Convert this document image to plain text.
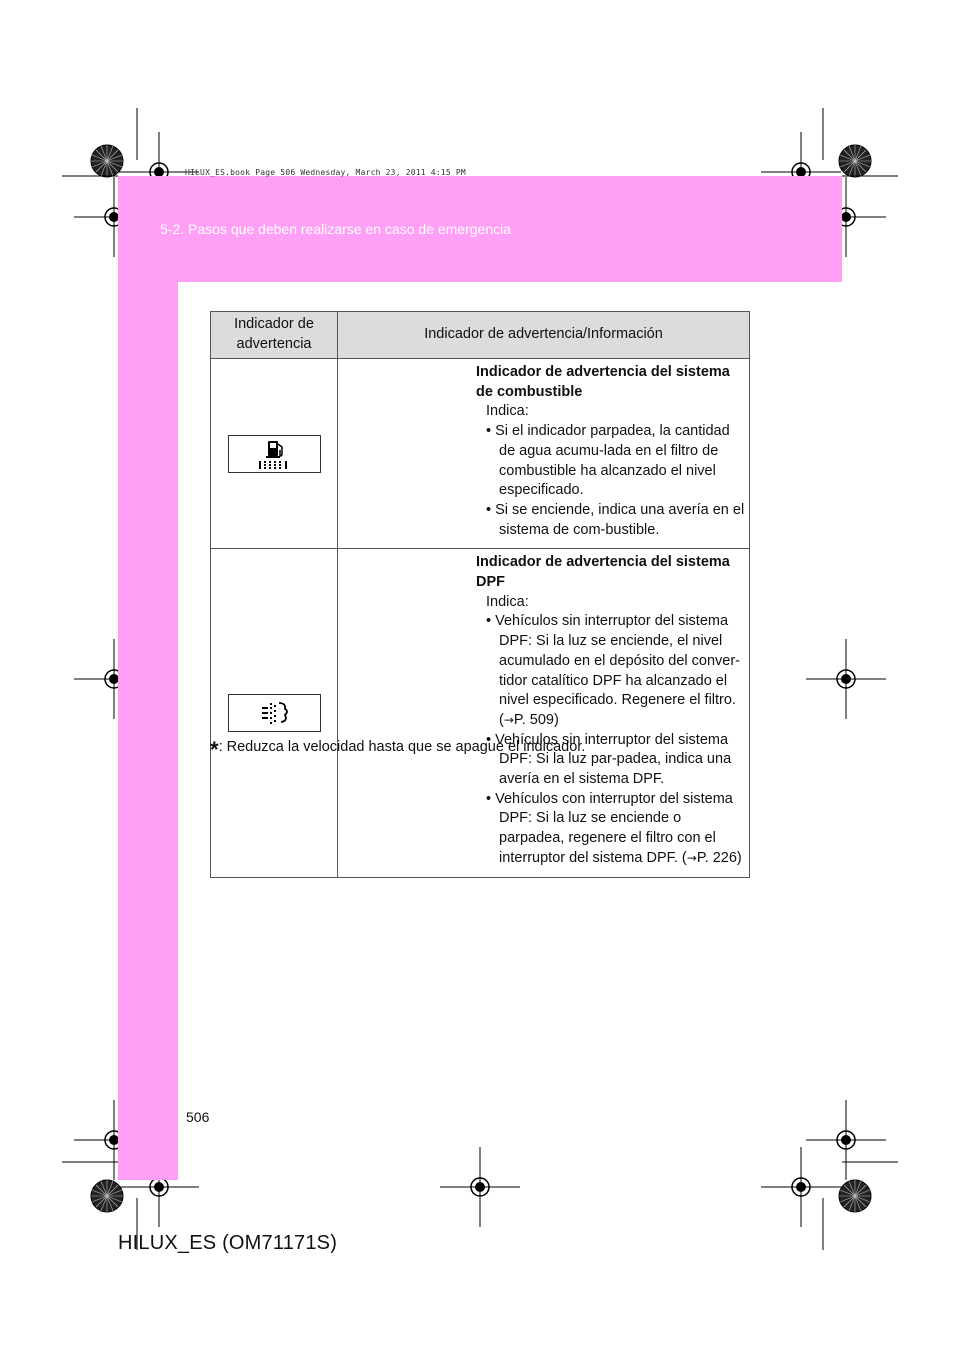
HILUX_ES.book Page 506 Wednesday, March 23, 2011 4:15 PM
5-2. Pasos que deben realizarse en caso de emergencia
Indicador de advertencia	Indicador de advertencia/Información

Indicador de advertencia del sistema de combustible
Indica:
• Si el indicador parpadea, la cantidad de agua acumu-lada en el filtro de combustible ha alcanzado el nivel especificado.
• Si se enciende, indica una avería en el sistema de com-bustible.

Indicador de advertencia del sistema DPF
Indica:
• Vehículos sin interruptor del sistema DPF: Si la luz se enciende, el nivel acumulado en el depósito del conver-tidor catalítico DPF ha alcanzado el nivel especificado. Regenere el filtro. (→P. 509)
• Vehículos sin interruptor del sistema DPF: Si la luz par-padea, indica una avería en el sistema DPF.
• Vehículos con interruptor del sistema DPF: Si la luz se enciende o parpadea, regenere el filtro con el interruptor del sistema DPF. (→P. 226)
*: Reduzca la velocidad hasta que se apague el indicador.
506
HILUX_ES (OM71171S)
